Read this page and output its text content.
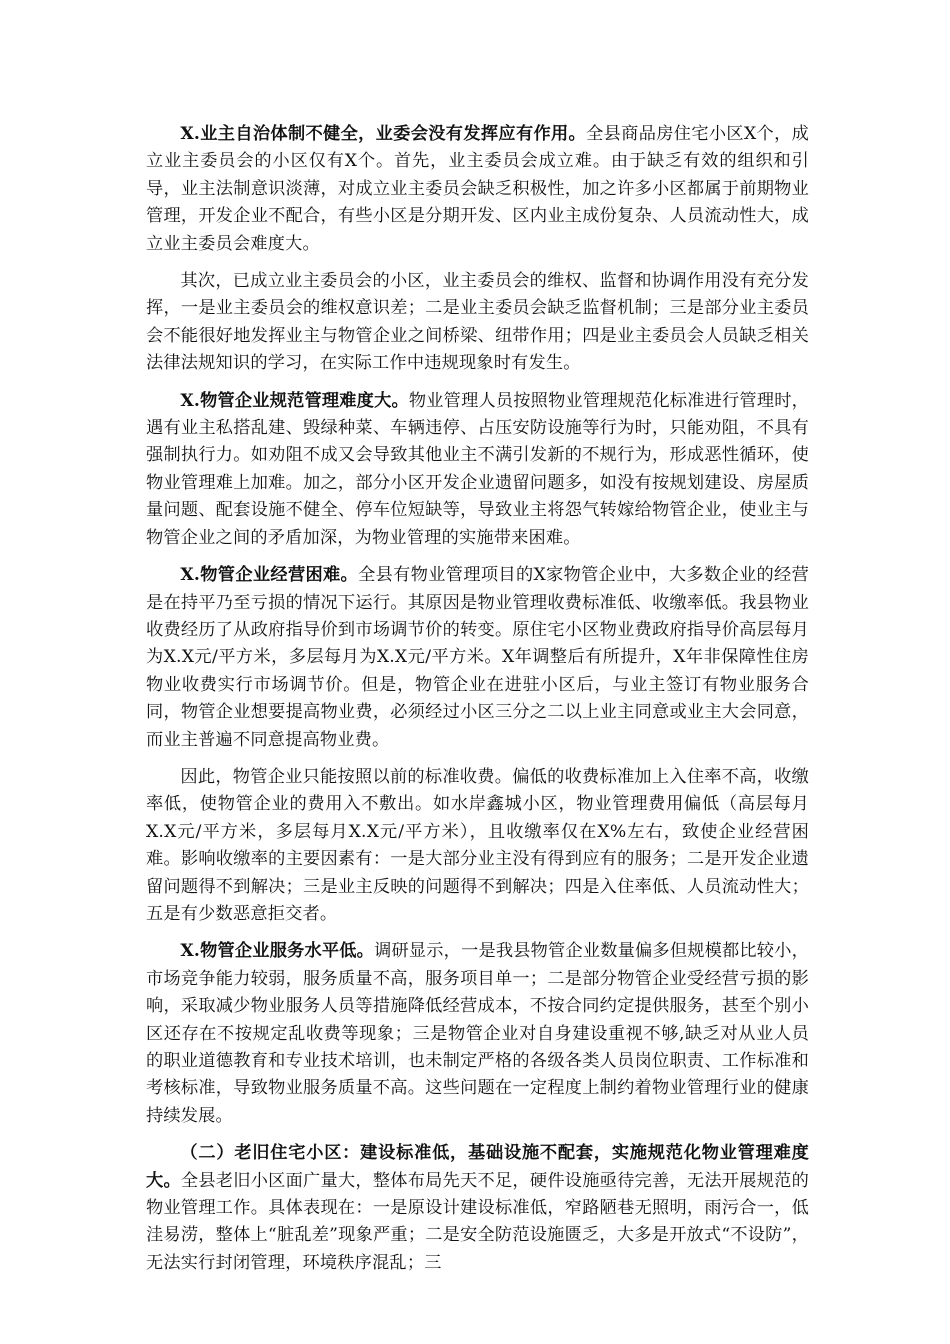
X.业主自治体制不健全，业委会没有发挥应有作用。全县商品房住宅小区X个，成立业主委员会的小区仅有X个。首先，业主委员会成立难。由于缺乏有效的组织和引导，业主法制意识淡薄，对成立业主委员会缺乏积极性，加之许多小区都属于前期物业管理，开发企业不配合，有些小区是分期开发、区内业主成份复杂、人员流动性大，成立业主委员会难度大。

其次，已成立业主委员会的小区，业主委员会的维权、监督和协调作用没有充分发挥，一是业主委员会的维权意识差；二是业主委员会缺乏监督机制；三是部分业主委员会不能很好地发挥业主与物管企业之间桥梁、纽带作用；四是业主委员会人员缺乏相关法律法规知识的学习，在实际工作中违规现象时有发生。

X.物管企业规范管理难度大。物业管理人员按照物业管理规范化标准进行管理时，遇有业主私搭乱建、毁绿种菜、车辆违停、占压安防设施等行为时，只能劝阻，不具有强制执行力。如劝阻不成又会导致其他业主不满引发新的不规行为，形成恶性循环，使物业管理难上加难。加之，部分小区开发企业遗留问题多，如没有按规划建设、房屋质量问题、配套设施不健全、停车位短缺等，导致业主将怨气转嫁给物管企业，使业主与物管企业之间的矛盾加深，为物业管理的实施带来困难。

X.物管企业经营困难。全县有物业管理项目的X家物管企业中，大多数企业的经营是在持平乃至亏损的情况下运行。其原因是物业管理收费标准低、收缴率低。我县物业收费经历了从政府指导价到市场调节价的转变。原住宅小区物业费政府指导价高层每月为X.X元/平方米，多层每月为X.X元/平方米。X年调整后有所提升，X年非保障性住房物业收费实行市场调节价。但是，物管企业在进驻小区后，与业主签订有物业服务合同，物管企业想要提高物业费，必须经过小区三分之二以上业主同意或业主大会同意，而业主普遍不同意提高物业费。

因此，物管企业只能按照以前的标准收费。偏低的收费标准加上入住率不高，收缴率低，使物管企业的费用入不敷出。如水岸鑫城小区，物业管理费用偏低（高层每月X.X元/平方米，多层每月X.X元/平方米），且收缴率仅在X%左右，致使企业经营困难。影响收缴率的主要因素有：一是大部分业主没有得到应有的服务；二是开发企业遗留问题得不到解决；三是业主反映的问题得不到解决；四是入住率低、人员流动性大；五是有少数恶意拒交者。

X.物管企业服务水平低。调研显示，一是我县物管企业数量偏多但规模都比较小，市场竞争能力较弱，服务质量不高，服务项目单一；二是部分物管企业受经营亏损的影响，采取减少物业服务人员等措施降低经营成本，不按合同约定提供服务，甚至个别小区还存在不按规定乱收费等现象；三是物管企业对自身建设重视不够,缺乏对从业人员的职业道德教育和专业技术培训，也未制定严格的各级各类人员岗位职责、工作标准和考核标准，导致物业服务质量不高。这些问题在一定程度上制约着物业管理行业的健康持续发展。

（二）老旧住宅小区：建设标准低，基础设施不配套，实施规范化物业管理难度大。全县老旧小区面广量大，整体布局先天不足，硬件设施亟待完善，无法开展规范的物业管理工作。具体表现在：一是原设计建设标准低，窄路陋巷无照明，雨污合一，低洼易涝，整体上“脏乱差”现象严重；二是安全防范设施匮乏，大多是开放式“不设防”，无法实行封闭管理，环境秩序混乱；三
